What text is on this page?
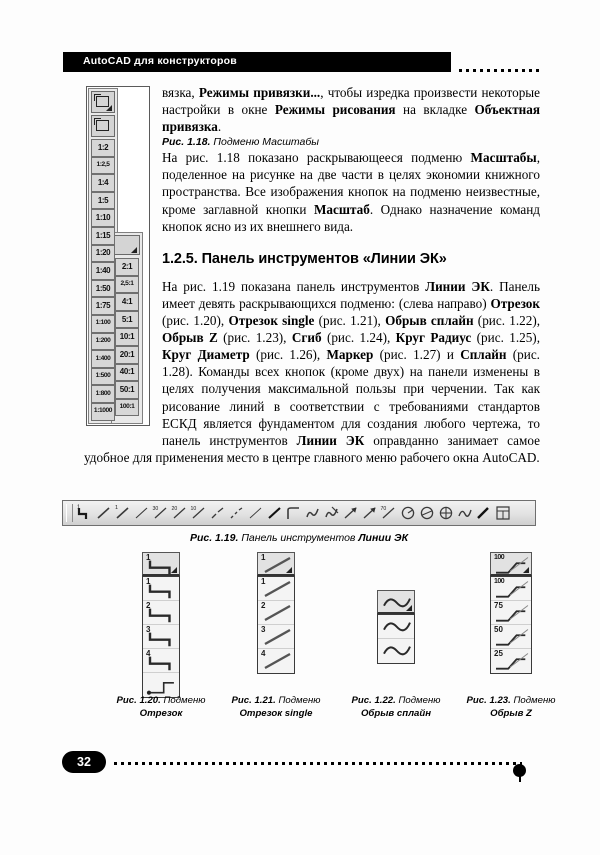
AutoCAD для конструкторов
1:2
1:2,5
1:4
1:5
1:10
1:15
1:20
1:40
1:50
1:75
1:100
1:200
1:400
1:500
1:800
1:1000
2:1
2,5:1
4:1
5:1
10:1
20:1
40:1
50:1
100:1

вязка, Режимы привязки..., чтобы изредка произвести некоторые настройки в окне Режимы рисования на вкладке Объектная привязка.

Рис. 1.18. Подменю Масштабы

На рис. 1.18 показано раскрывающееся подменю Масштабы, поделенное на рисунке на две части в целях экономии книжного пространства. Все изображения кнопок на подменю неизвестные, кроме заглавной кнопки Масштаб. Однако назначение команд кнопок ясно из их внешнего вида.

1.2.5. Панель инструментов «Линии ЭК»

На рис. 1.19 показана панель инструментов Линии ЭК. Панель имеет девять раскрывающихся подменю: (слева направо) Отрезок (рис. 1.20), Отрезок single (рис. 1.21), Обрыв сплайн (рис. 1.22), Обрыв Z (рис. 1.23), Сгиб (рис. 1.24), Круг Радиус (рис. 1.25), Круг Диаметр (рис. 1.26), Маркер (рис. 1.27) и Сплайн (рис. 1.28). Команды всех кнопок (кроме двух) на панели изменены в целях получения максимальной пользы при черчении. Так как рисование линий в соответствии с требованиями стандартов ЕСКД является фундаментом для создания любого чертежа, то панель инструментов Линии ЭК оправданно занимает самое удобное для применения место в центре главного меню рабочего окна AutoCAD.

1	1	30	20	10	70
Рис. 1.19. Панель инструментов Линии ЭК
1
1
2
3
4
Рис. 1.20. Подменю
Отрезок
1
1
2
3
4
Рис. 1.21. Подменю
Отрезок single
Рис. 1.22. Подменю
Обрыв сплайн
100
100
75
50
25
Рис. 1.23. Подменю
Обрыв Z
32
